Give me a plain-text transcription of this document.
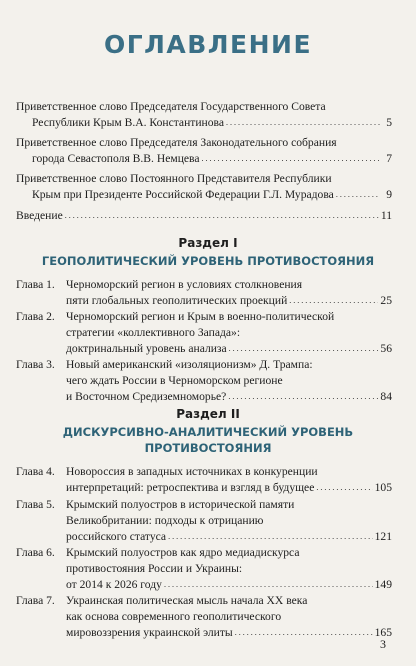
ОГЛАВЛЕНИЕ
Приветственное слово Председателя Государственного Совета
Республики Крым В.А. Константинова . . .	5
Приветственное слово Председателя Законодательного собрания
города Севастополя В.В. Немцева . . .	7
Приветственное слово Постоянного Представителя Республики
Крым при Президенте Российской Федерации Г.Л. Мурадова . . .	9
Введение . . .	11
Раздел I
ГЕОПОЛИТИЧЕСКИЙ УРОВЕНЬ ПРОТИВОСТОЯНИЯ
Глава 1. Черноморский регион в условиях столкновения
пяти глобальных геополитических проекций . . .	25
Глава 2. Черноморский регион и Крым в военно-политической
стратегии «коллективного Запада»:
доктринальный уровень анализа . . .	56
Глава 3. Новый американский «изоляционизм» Д. Трампа:
чего ждать России в Черноморском регионе
и Восточном Средиземноморье? . . .	84
Раздел II
ДИСКУРСИВНО-АНАЛИТИЧЕСКИЙ УРОВЕНЬ
ПРОТИВОСТОЯНИЯ
Глава 4. Новороссия в западных источниках в конкуренции
интерпретаций: ретроспектива и взгляд в будущее . . .	105
Глава 5. Крымский полуостров в исторической памяти
Великобритании: подходы к отрицанию
российского статуса . . .	121
Глава 6. Крымский полуостров как ядро медиадискурса
противостояния России и Украины:
от 2014 к 2026 году . . .	149
Глава 7. Украинская политическая мысль начала XX века
как основа современного геополитического
мировоззрения украинской элиты . . .	165
3
